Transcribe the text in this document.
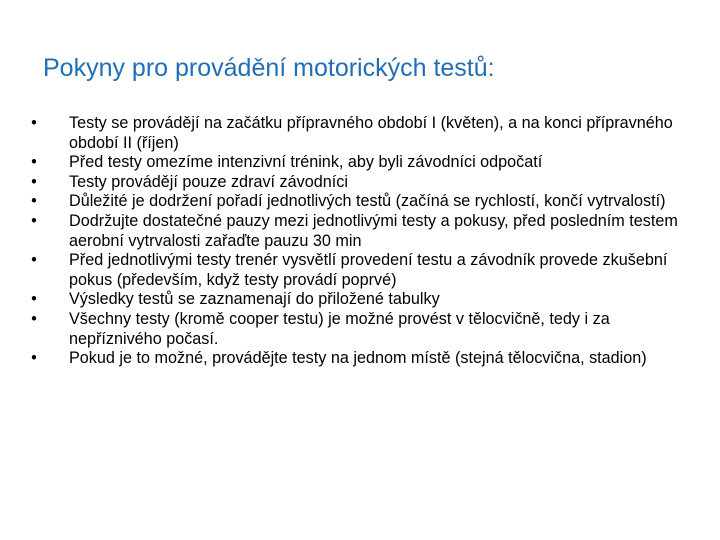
Pokyny pro provádění motorických testů:
•	Testy se provádějí na začátku přípravného období I (květen), a na konci přípravného období II (říjen)
•	Před testy omezíme intenzivní trénink, aby byli závodníci odpočatí
•	Testy provádějí pouze zdraví závodníci
•	Důležité je dodržení pořadí jednotlivých testů (začíná se rychlostí, končí vytrvalostí)
•	Dodržujte dostatečné pauzy mezi jednotlivými testy a pokusy, před posledním testem aerobní vytrvalosti zařaďte pauzu 30 min
•	Před jednotlivými testy trenér vysvětlí provedení testu a závodník provede zkušební pokus (především, když testy provádí poprvé)
•	Výsledky testů se zaznamenají do přiložené tabulky
•	Všechny testy (kromě cooper testu) je možné provést v tělocvičně, tedy i za nepříznivého počasí.
•	Pokud je to možné, provádějte testy na jednom místě (stejná tělocvična, stadion)
